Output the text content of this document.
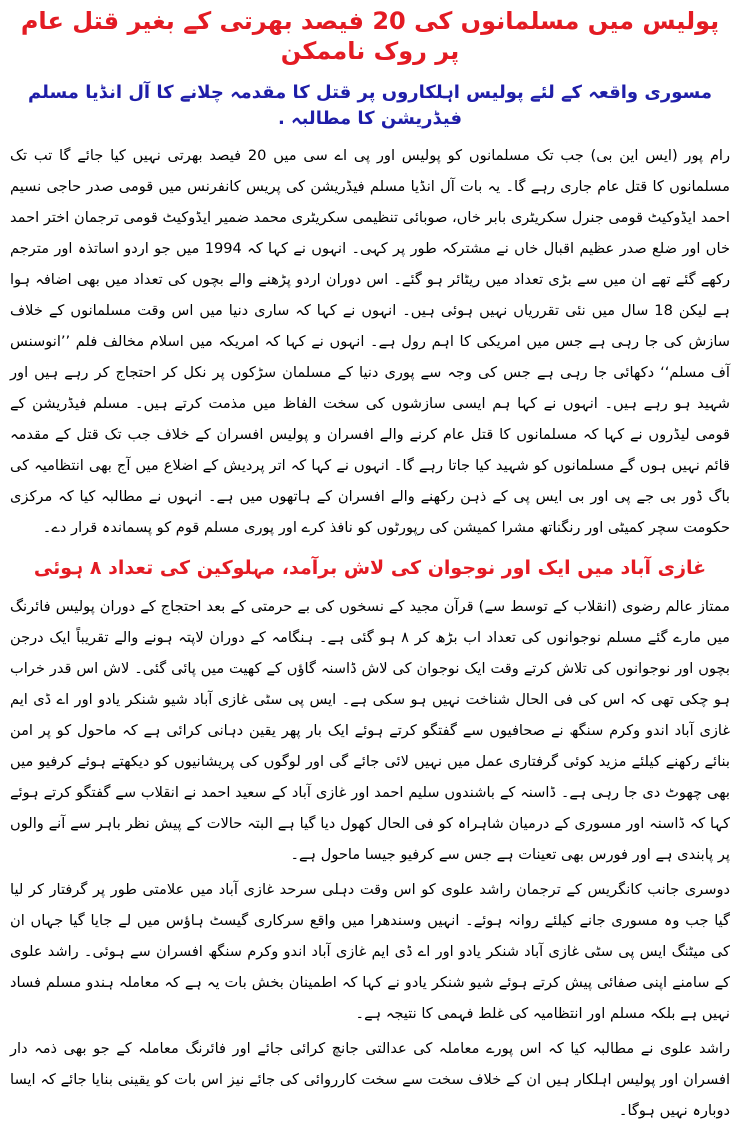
پولیس میں مسلمانوں کی 20 فیصد بھرتی کے بغیر قتل عام پر روک ناممکن
مسوری واقعہ کے لئے پولیس اہلکاروں پر قتل کا مقدمہ چلانے کا آل انڈیا مسلم فیڈریشن کا مطالبہ .

رام پور (ایس این بی) جب تک مسلمانوں کو پولیس اور پی اے سی میں 20 فیصد بھرتی نہیں کیا جائے گا تب تک مسلمانوں کا قتل عام جاری رہے گا۔ یہ بات آل انڈیا مسلم فیڈریشن کی پریس کانفرنس میں قومی صدر حاجی نسیم احمد ایڈوکیٹ قومی جنرل سکریٹری بابر خاں، صوبائی تنظیمی سکریٹری محمد ضمیر ایڈوکیٹ قومی ترجمان اختر احمد خاں اور ضلع صدر عظیم اقبال خاں نے مشترکہ طور پر کہی۔ انہوں نے کہا کہ 1994 میں جو اردو اساتذہ اور مترجم رکھے گئے تھے ان میں سے بڑی تعداد میں ریٹائر ہو گئے۔ اس دوران اردو پڑھنے والے بچوں کی تعداد میں بھی اضافہ ہوا ہے لیکن 18 سال میں نئی تقرریاں نہیں ہوئی ہیں۔ انہوں نے کہا کہ ساری دنیا میں اس وقت مسلمانوں کے خلاف سازش کی جا رہی ہے جس میں امریکی کا اہم رول ہے۔ انہوں نے کہا کہ امریکہ میں اسلام مخالف فلم ’’انوسنس آف مسلم‘‘ دکھائی جا رہی ہے جس کی وجہ سے پوری دنیا کے مسلمان سڑکوں پر نکل کر احتجاج کر رہے ہیں اور شہید ہو رہے ہیں۔ انہوں نے کہا ہم ایسی سازشوں کی سخت الفاظ میں مذمت کرتے ہیں۔ مسلم فیڈریشن کے قومی لیڈروں نے کہا کہ مسلمانوں کا قتل عام کرنے والے افسران و پولیس افسران کے خلاف جب تک قتل کے مقدمہ قائم نہیں ہوں گے مسلمانوں کو شہید کیا جاتا رہے گا۔ انہوں نے کہا کہ اتر پردیش کے اضلاع میں آج بھی انتظامیہ کی باگ ڈور بی جے پی اور بی ایس پی کے ذہن رکھنے والے افسران کے ہاتھوں میں ہے۔ انہوں نے مطالبہ کیا کہ مرکزی حکومت سچر کمیٹی اور رنگناتھ مشرا کمیشن کی رپورٹوں کو نافذ کرے اور پوری مسلم قوم کو پسماندہ قرار دے۔

غازی آباد میں ایک اور نوجوان کی لاش برآمد، مہلوکین کی تعداد ۸ ہوئی

ممتاز عالم رضوی (انقلاب کے توسط سے) قرآن مجید کے نسخوں کی بے حرمتی کے بعد احتجاج کے دوران پولیس فائرنگ میں مارے گئے مسلم نوجوانوں کی تعداد اب بڑھ کر ۸ ہو گئی ہے۔ ہنگامہ کے دوران لاپتہ ہونے والے تقریباً ایک درجن بچوں اور نوجوانوں کی تلاش کرتے وقت ایک نوجوان کی لاش ڈاسنہ گاؤں کے کھیت میں پائی گئی۔ لاش اس قدر خراب ہو چکی تھی کہ اس کی فی الحال شناخت نہیں ہو سکی ہے۔ ایس پی سٹی غازی آباد شیو شنکر یادو اور اے ڈی ایم غازی آباد اندو وکرم سنگھ نے صحافیوں سے گفتگو کرتے ہوئے ایک بار پھر یقین دہانی کرائی ہے کہ ماحول کو پر امن بنائے رکھنے کیلئے مزید کوئی گرفتاری عمل میں نہیں لائی جائے گی اور لوگوں کی پریشانیوں کو دیکھتے ہوئے کرفیو میں بھی چھوٹ دی جا رہی ہے۔ ڈاسنہ کے باشندوں سلیم احمد اور غازی آباد کے سعید احمد نے انقلاب سے گفتگو کرتے ہوئے کہا کہ ڈاسنہ اور مسوری کے درمیان شاہراہ کو فی الحال کھول دیا گیا ہے البتہ حالات کے پیش نظر باہر سے آنے والوں پر پابندی ہے اور فورس بھی تعینات ہے جس سے کرفیو جیسا ماحول ہے۔

دوسری جانب کانگریس کے ترجمان راشد علوی کو اس وقت دہلی سرحد غازی آباد میں علامتی طور پر گرفتار کر لیا گیا جب وہ مسوری جانے کیلئے روانہ ہوئے۔ انہیں وسندھرا میں واقع سرکاری گیسٹ ہاؤس میں لے جایا گیا جہاں ان کی میٹنگ ایس پی سٹی غازی آباد شنکر یادو اور اے ڈی ایم غازی آباد اندو وکرم سنگھ افسران سے ہوئی۔ راشد علوی کے سامنے اپنی صفائی پیش کرتے ہوئے شیو شنکر یادو نے کہا کہ اطمینان بخش بات یہ ہے کہ معاملہ ہندو مسلم فساد نہیں ہے بلکہ مسلم اور انتظامیہ کی غلط فہمی کا نتیجہ ہے۔

راشد علوی نے مطالبہ کیا کہ اس پورے معاملہ کی عدالتی جانچ کرائی جائے اور فائرنگ معاملہ کے جو بھی ذمہ دار افسران اور پولیس اہلکار ہیں ان کے خلاف سخت سے سخت کارروائی کی جائے نیز اس بات کو یقینی بنایا جائے کہ ایسا دوبارہ نہیں ہوگا۔
